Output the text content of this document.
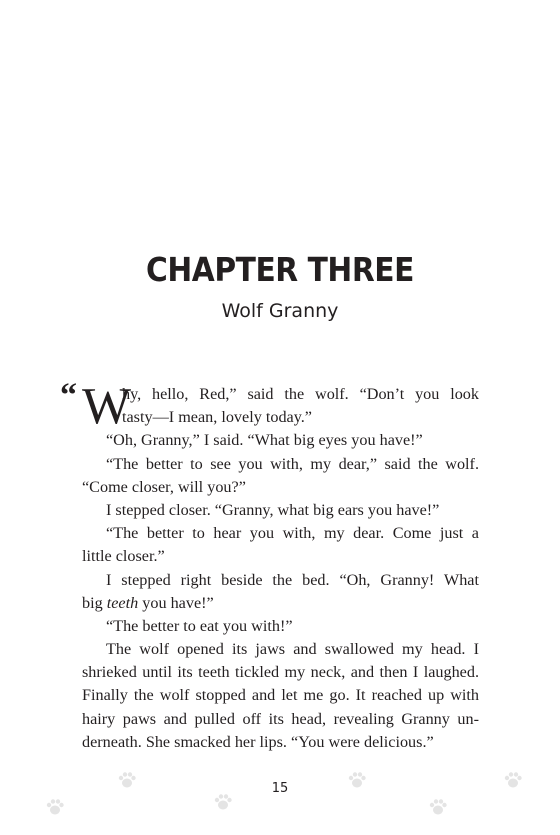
CHAPTER THREE
Wolf Granny
“ W
hy, hello, Red,” said the wolf. “Don’t you look
tasty—I mean, lovely today.”
“Oh, Granny,” I said. “What big eyes you have!”
“The better to see you with, my dear,” said the wolf.
“Come closer, will you?”
I stepped closer. “Granny, what big ears you have!”
“The better to hear you with, my dear. Come just a
little closer.”
I stepped right beside the bed. “Oh, Granny! What
big teeth you have!”
“The better to eat you with!”
The wolf opened its jaws and swallowed my head. I
shrieked until its teeth tickled my neck, and then I laughed.
Finally the wolf stopped and let me go. It reached up with
hairy paws and pulled off its head, revealing Granny un-
derneath. She smacked her lips. “You were delicious.”
15
